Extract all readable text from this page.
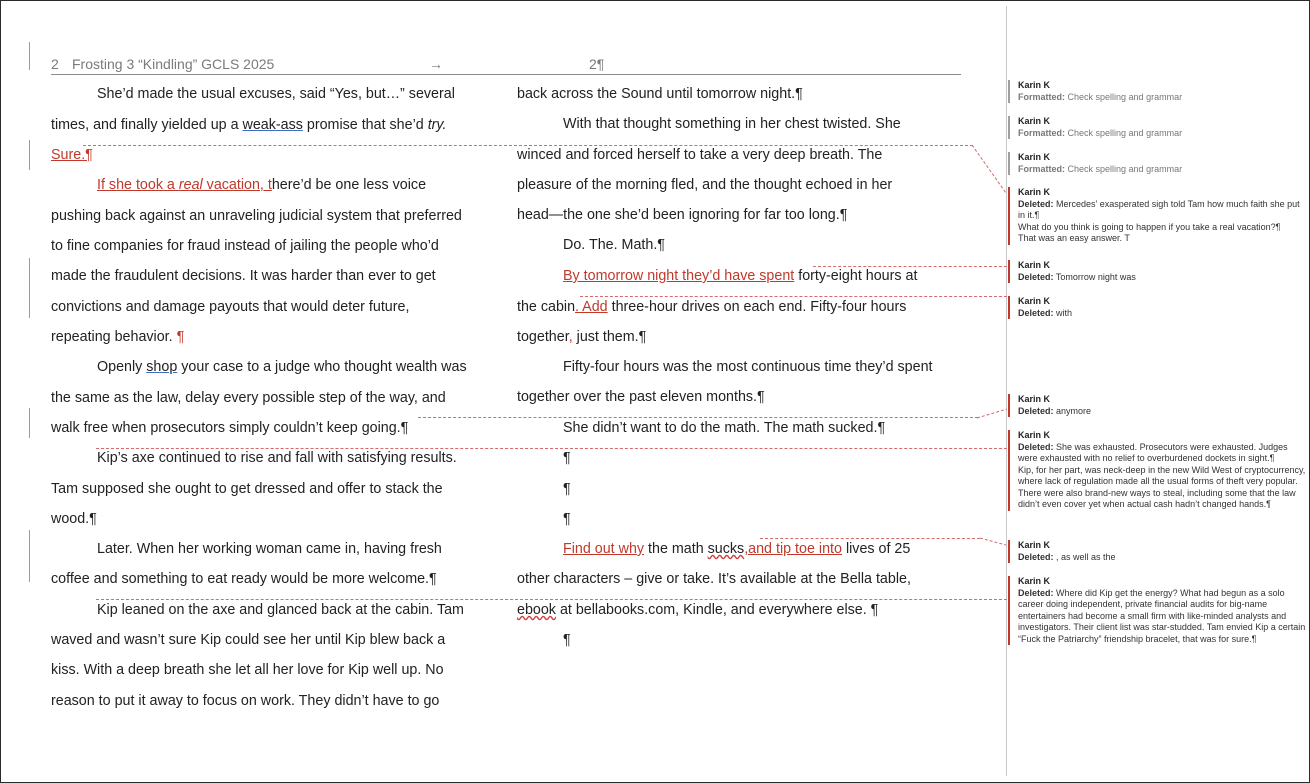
2 Frosting 3 “Kindling” GCLS 2025	→	2¶
She’d made the usual excuses, said “Yes, but…” several
times, and finally yielded up a weak-ass promise that she’d try.
Sure.¶
If she took a real vacation, there’d be one less voice
pushing back against an unraveling judicial system that preferred
to fine companies for fraud instead of jailing the people who’d
made the fraudulent decisions. It was harder than ever to get
convictions and damage payouts that would deter future,
repeating behavior. ¶
Openly shop your case to a judge who thought wealth was
the same as the law, delay every possible step of the way, and
walk free when prosecutors simply couldn’t keep going.¶
Kip’s axe continued to rise and fall with satisfying results.
Tam supposed she ought to get dressed and offer to stack the
wood.¶
Later. When her working woman came in, having fresh
coffee and something to eat ready would be more welcome.¶
Kip leaned on the axe and glanced back at the cabin. Tam
waved and wasn’t sure Kip could see her until Kip blew back a
kiss. With a deep breath she let all her love for Kip well up. No
reason to put it away to focus on work. They didn’t have to go
back across the Sound until tomorrow night.¶
With that thought something in her chest twisted. She
winced and forced herself to take a very deep breath. The
pleasure of the morning fled, and the thought echoed in her
head—the one she’d been ignoring for far too long.¶
Do. The. Math.¶
By tomorrow night they’d have spent forty-eight hours at
the cabin. Add three-hour drives on each end. Fifty-four hours
together, just them.¶
Fifty-four hours was the most continuous time they’d spent
together over the past eleven months.¶
She didn’t want to do the math. The math sucked.¶
¶
¶
¶
Find out why the math sucks,and tip toe into lives of 25
other characters – give or take. It’s available at the Bella table,
ebook at bellabooks.com, Kindle, and everywhere else. ¶
¶
Karin K
Formatted: Check spelling and grammar
Karin K
Formatted: Check spelling and grammar
Karin K
Formatted: Check spelling and grammar
Karin K
Deleted: Mercedes’ exasperated sigh told Tam how much faith she put in it.¶
What do you think is going to happen if you take a real vacation?¶
That was an easy answer. T
Karin K
Deleted: Tomorrow night was
Karin K
Deleted: with
Karin K
Deleted: anymore
Karin K
Deleted: She was exhausted. Prosecutors were exhausted. Judges were exhausted with no relief to overburdened dockets in sight.¶
Kip, for her part, was neck-deep in the new Wild West of cryptocurrency, where lack of regulation made all the usual forms of theft very popular. There were also brand-new ways to steal, including some that the law didn’t even cover yet when actual cash hadn’t changed hands.¶
Karin K
Deleted: , as well as the
Karin K
Deleted: Where did Kip get the energy? What had begun as a solo career doing independent, private financial audits for big-name entertainers had become a small firm with like-minded analysts and investigators. Their client list was star-studded. Tam envied Kip a certain “Fuck the Patriarchy” friendship bracelet, that was for sure.¶
